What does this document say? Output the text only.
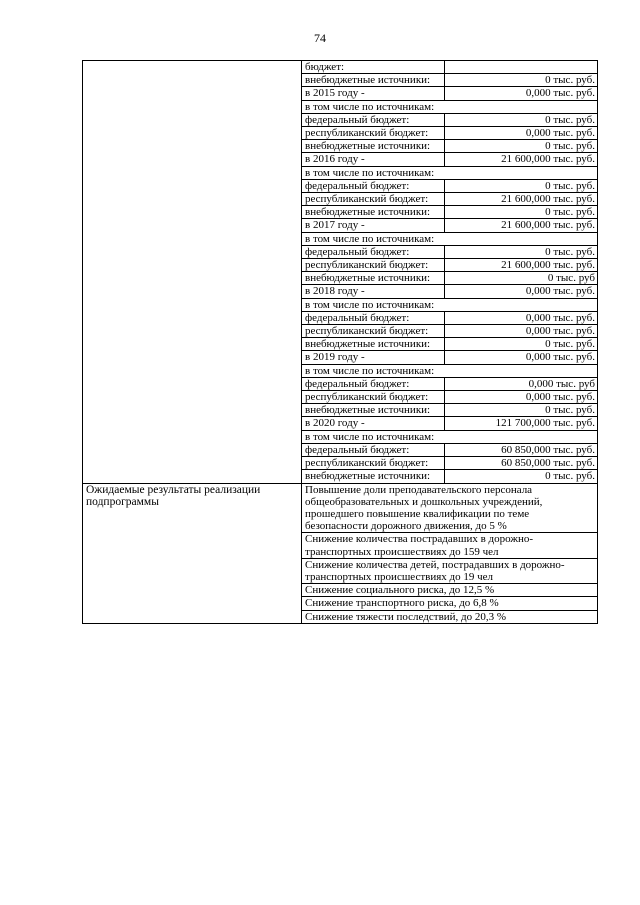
74
	бюджет:	
	внебюджетные источники:	0 тыс. руб.
	в 2015 году -	0,000 тыс. руб.
	в том числе по источникам:	
	федеральный бюджет:	0 тыс. руб.
	республиканский бюджет:	0,000 тыс. руб.
	внебюджетные источники:	0 тыс. руб.
	в 2016 году -	21 600,000 тыс. руб.
	в том числе по источникам:	
	федеральный бюджет:	0 тыс. руб.
	республиканский бюджет:	21 600,000 тыс. руб.
	внебюджетные источники:	0 тыс. руб.
	в 2017 году -	21 600,000 тыс. руб.
	в том числе по источникам:	
	федеральный бюджет:	0 тыс. руб.
	республиканский бюджет:	21 600,000 тыс. руб.
	внебюджетные источники:	0 тыс. руб
	в 2018 году -	0,000 тыс. руб.
	в том числе по источникам:	
	федеральный бюджет:	0,000 тыс. руб.
	республиканский бюджет:	0,000 тыс. руб.
	внебюджетные источники:	0 тыс. руб.
	в 2019 году -	0,000 тыс. руб.
	в том числе по источникам:	
	федеральный бюджет:	0,000 тыс. руб
	республиканский бюджет:	0,000 тыс. руб.
	внебюджетные источники:	0 тыс. руб.
	в 2020 году -	121 700,000 тыс. руб.
	в том числе по источникам:	
	федеральный бюджет:	60 850,000 тыс. руб.
	республиканский бюджет:	60 850,000 тыс. руб.
	внебюджетные источники:	0 тыс. руб.
Ожидаемые результаты реализации подпрограммы	Повышение доли преподавательского персонала общеобразовательных и дошкольных учреждений, прошедшего повышение квалификации по теме безопасности дорожного движения, до 5 %	
	Снижение количества пострадавших в дорожно-транспортных происшествиях до 159 чел	
	Снижение количества детей, пострадавших в дорожно-транспортных происшествиях до 19 чел	
	Снижение социального риска, до 12,5 %	
	Снижение транспортного риска, до 6,8 %	
	Снижение тяжести последствий, до 20,3 %	
